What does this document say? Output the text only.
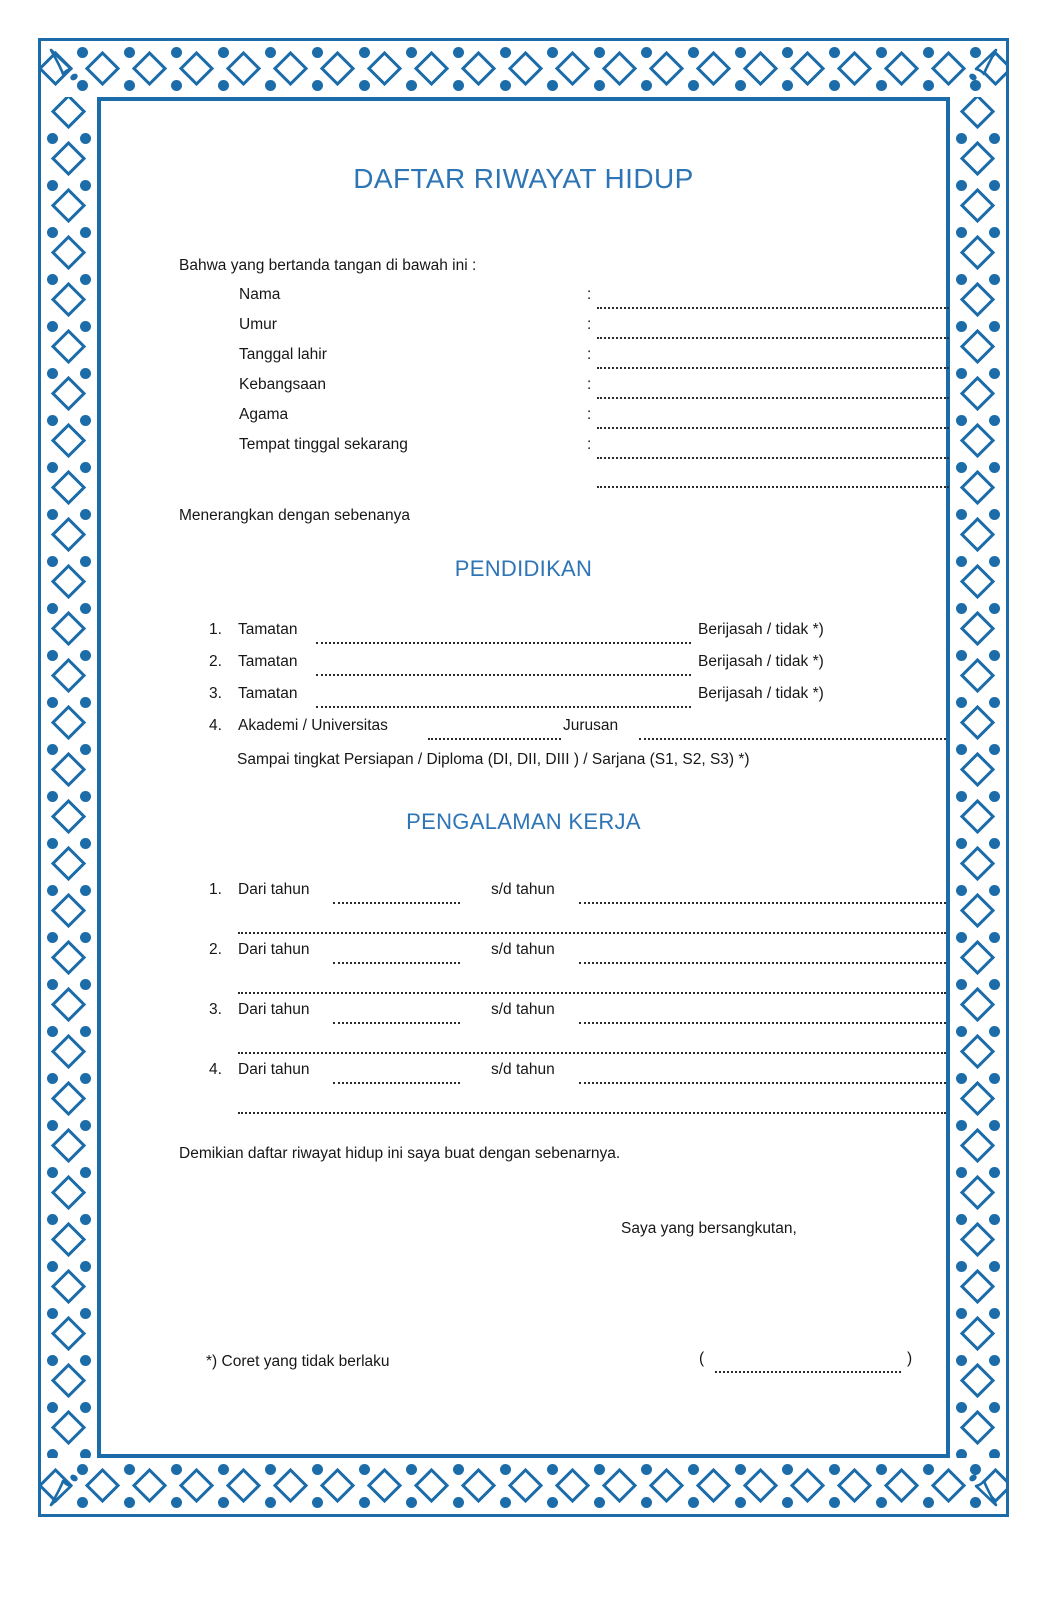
DAFTAR RIWAYAT HIDUP
Bahwa yang bertanda tangan di bawah ini :
Nama	:
Umur	:
Tanggal lahir	:
Kebangsaan	:
Agama	:
Tempat tinggal sekarang	:
Menerangkan dengan sebenanya
PENDIDIKAN
1.	Tamatan	Berijasah / tidak *)
2.	Tamatan	Berijasah / tidak *)
3.	Tamatan	Berijasah / tidak *)
4.	Akademi / Universitas	Jurusan
Sampai tingkat Persiapan / Diploma (DI, DII, DIII ) / Sarjana (S1, S2, S3) *)
PENGALAMAN KERJA
1.	Dari tahun	s/d tahun
2.	Dari tahun	s/d tahun
3.	Dari tahun	s/d tahun
4.	Dari tahun	s/d tahun
Demikian daftar riwayat hidup ini saya buat dengan sebenarnya.
Saya yang bersangkutan,
*) Coret yang tidak berlaku	(	)
